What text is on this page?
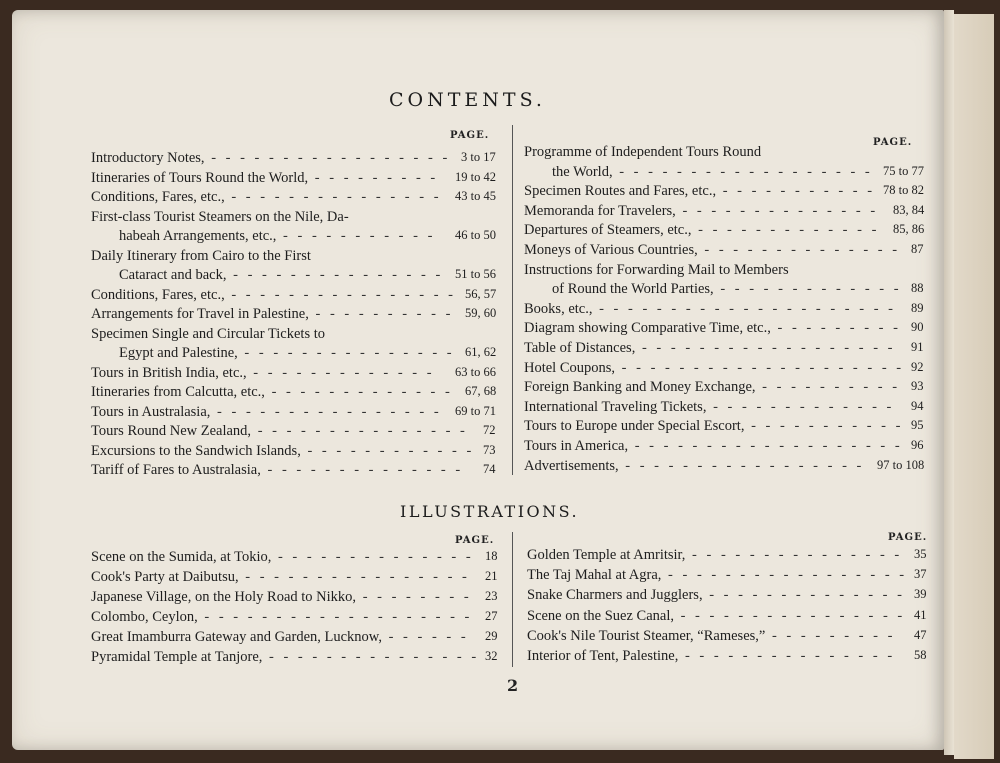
CONTENTS.
PAGE.
PAGE.
Introductory Notes, - - - - - - - - - - - - - - - - - 3 to 17
Itineraries of Tours Round the World, - - - - - - - - - 19 to 42
Conditions, Fares, etc., - - - - - - - - - - - - - - - 43 to 45
First-class Tourist Steamers on the Nile, Da-
habeah Arrangements, etc., - - - - - - - - - - - 46 to 50
Daily Itinerary from Cairo to the First
Cataract and back, - - - - - - - - - - - - - - - 51 to 56
Conditions, Fares, etc., - - - - - - - - - - - - - - - - 56, 57
Arrangements for Travel in Palestine, - - - - - - - - - - 59, 60
Specimen Single and Circular Tickets to
Egypt and Palestine, - - - - - - - - - - - - - - - 61, 62
Tours in British India, etc., - - - - - - - - - - - - - 63 to 66
Itineraries from Calcutta, etc., - - - - - - - - - - - - - 67, 68
Tours in Australasia, - - - - - - - - - - - - - - - - 69 to 71
Tours Round New Zealand, - - - - - - - - - - - - - - - 72
Excursions to the Sandwich Islands, - - - - - - - - - - - - 73
Tariff of Fares to Australasia, - - - - - - - - - - - - - - 74
Programme of Independent Tours Round
the World, - - - - - - - - - - - - - - - - - - 75 to 77
Specimen Routes and Fares, etc., - - - - - - - - - - - 78 to 82
Memoranda for Travelers, - - - - - - - - - - - - - - 83, 84
Departures of Steamers, etc., - - - - - - - - - - - - - 85, 86
Moneys of Various Countries, - - - - - - - - - - - - - - 87
Instructions for Forwarding Mail to Members
of Round the World Parties, - - - - - - - - - - - - - 88
Books, etc., - - - - - - - - - - - - - - - - - - - - - 89
Diagram showing Comparative Time, etc., - - - - - - - - - 90
Table of Distances, - - - - - - - - - - - - - - - - - - 91
Hotel Coupons, - - - - - - - - - - - - - - - - - - - - 92
Foreign Banking and Money Exchange, - - - - - - - - - - 93
International Traveling Tickets, - - - - - - - - - - - - - 94
Tours to Europe under Special Escort, - - - - - - - - - - - 95
Tours in America, - - - - - - - - - - - - - - - - - - - 96
Advertisements, - - - - - - - - - - - - - - - - - 97 to 108
ILLUSTRATIONS.
PAGE.	PAGE.
Scene on the Sumida, at Tokio, - - - - - - - - - - - - - - 18
Cook's Party at Daibutsu, - - - - - - - - - - - - - - - - 21
Japanese Village, on the Holy Road to Nikko, - - - - - - - - 23
Colombo, Ceylon, - - - - - - - - - - - - - - - - - - - 27
Great Imamburra Gateway and Garden, Lucknow, - - - - - - 29
Pyramidal Temple at Tanjore, - - - - - - - - - - - - - - - 32
Golden Temple at Amritsir, - - - - - - - - - - - - - - - 35
The Taj Mahal at Agra, - - - - - - - - - - - - - - - - - 37
Snake Charmers and Jugglers, - - - - - - - - - - - - - - 39
Scene on the Suez Canal, - - - - - - - - - - - - - - - - 41
Cook's Nile Tourist Steamer, “Rameses,” - - - - - - - - - 47
Interior of Tent, Palestine, - - - - - - - - - - - - - - - 58
2
